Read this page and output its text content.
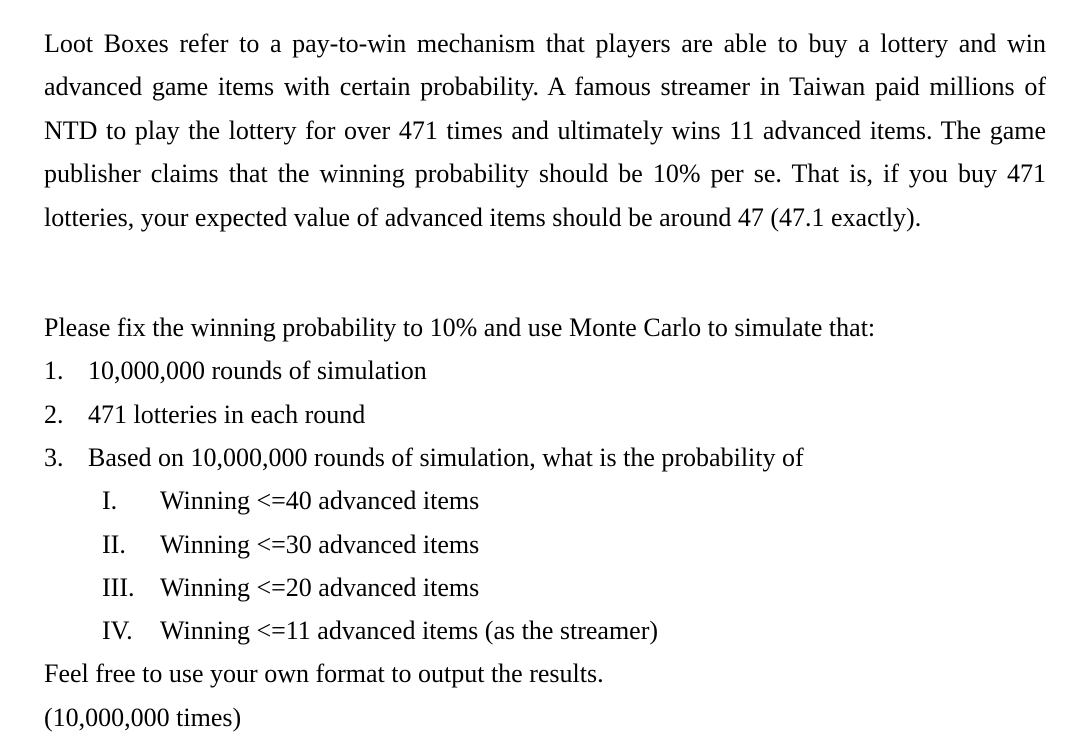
Loot Boxes refer to a pay-to-win mechanism that players are able to buy a lottery and win advanced game items with certain probability. A famous streamer in Taiwan paid millions of NTD to play the lottery for over 471 times and ultimately wins 11 advanced items. The game publisher claims that the winning probability should be 10% per se. That is, if you buy 471 lotteries, your expected value of advanced items should be around 47 (47.1 exactly).

Please fix the winning probability to 10% and use Monte Carlo to simulate that:
1. 10,000,000 rounds of simulation
2. 471 lotteries in each round
3. Based on 10,000,000 rounds of simulation, what is the probability of
I.	Winning <=40 advanced items
II.	Winning <=30 advanced items
III. Winning <=20 advanced items
IV.	Winning <=11 advanced items (as the streamer)
Feel free to use your own format to output the results.
(10,000,000 times)
